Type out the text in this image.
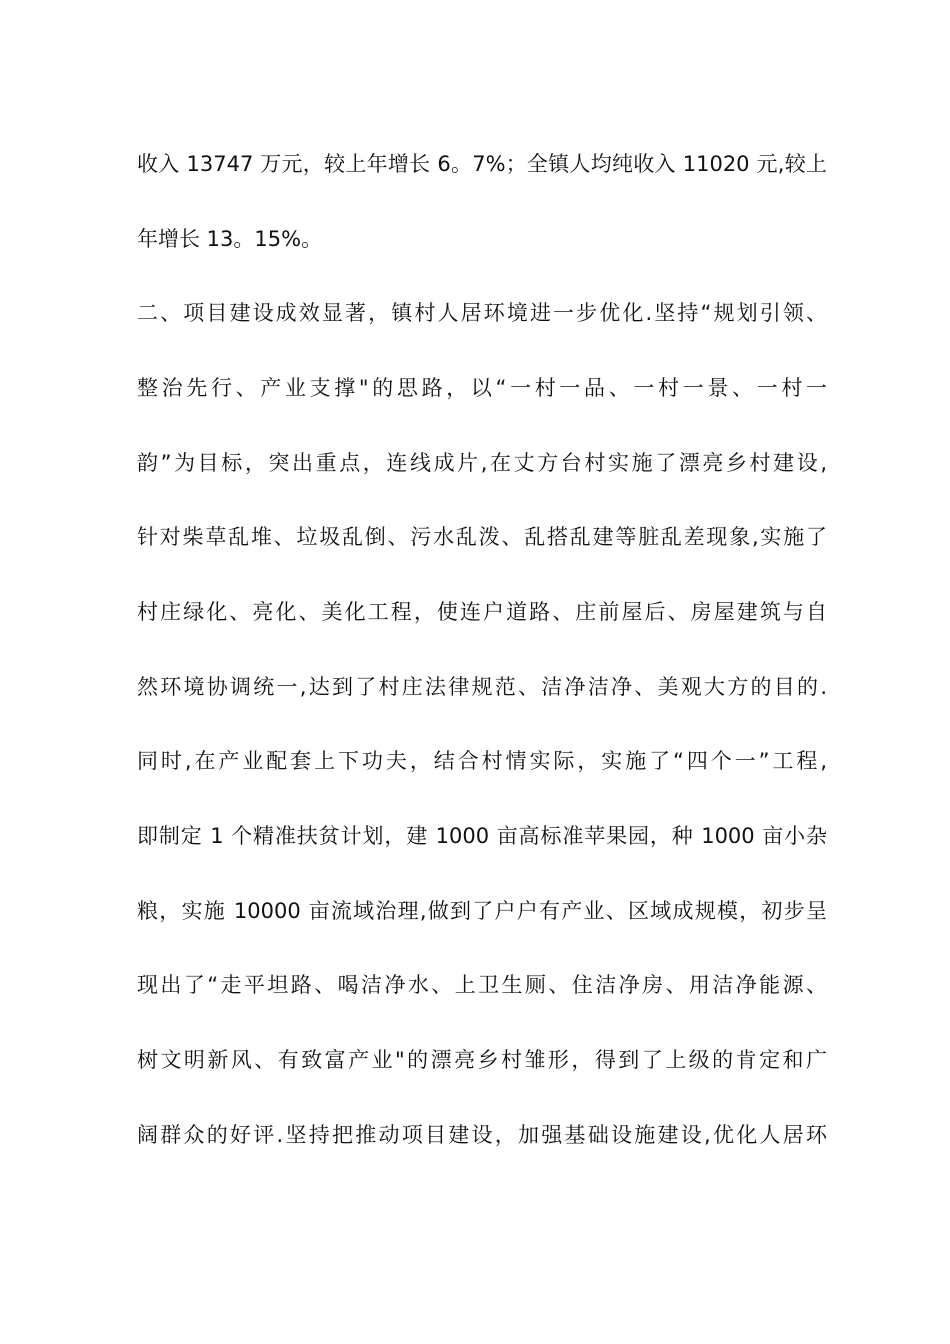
收入 13747 万元，较上年增长 6。7%；全镇人均纯收入 11020 元,较上
年增长 13。15%。
二、项目建设成效显著，镇村人居环境进一步优化.坚持“规划引领、
整治先行、产业支撑"的思路，以“一村一品、一村一景、一村一
韵”为目标，突出重点，连线成片,在丈方台村实施了漂亮乡村建设,
针对柴草乱堆、垃圾乱倒、污水乱泼、乱搭乱建等脏乱差现象,实施了
村庄绿化、亮化、美化工程，使连户道路、庄前屋后、房屋建筑与自
然环境协调统一,达到了村庄法律规范、洁净洁净、美观大方的目的.
同时,在产业配套上下功夫，结合村情实际，实施了“四个一”工程,
即制定 1 个精准扶贫计划，建 1000 亩高标准苹果园，种 1000 亩小杂
粮，实施 10000 亩流域治理,做到了户户有产业、区域成规模，初步呈
现出了“走平坦路、喝洁净水、上卫生厕、住洁净房、用洁净能源、
树文明新风、有致富产业"的漂亮乡村雏形，得到了上级的肯定和广
阔群众的好评.坚持把推动项目建设，加强基础设施建设,优化人居环
